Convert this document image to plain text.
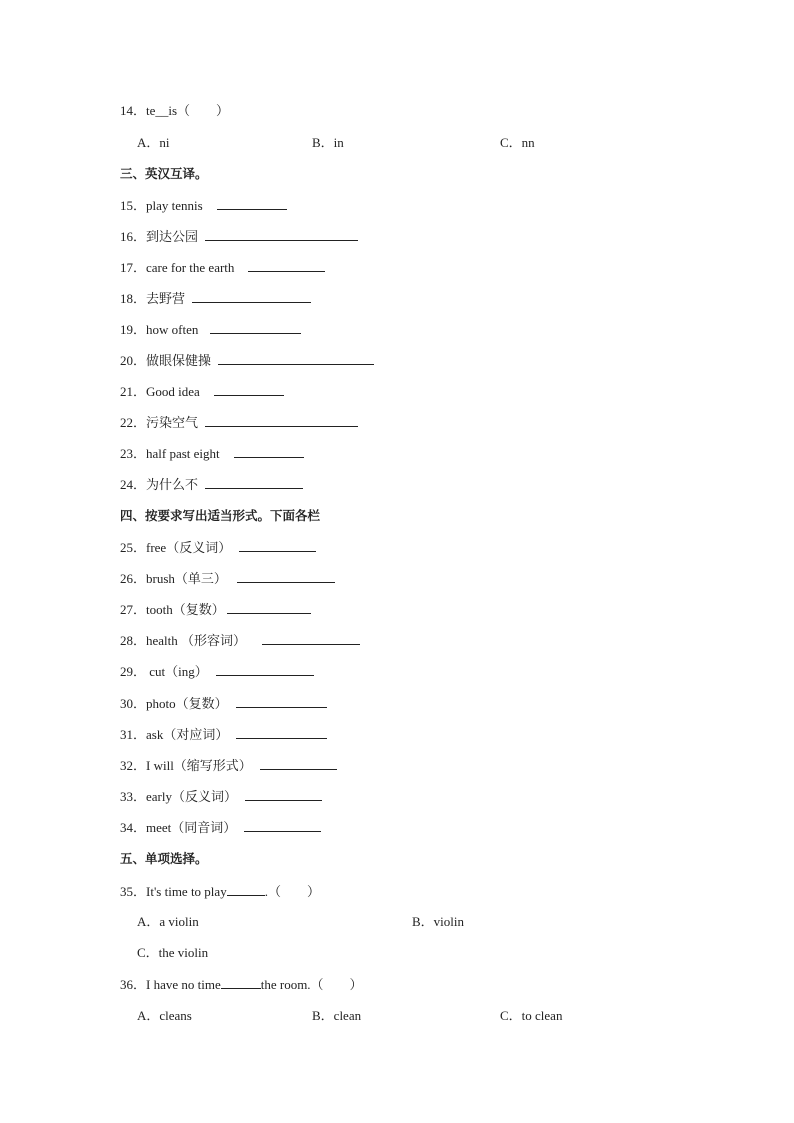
14．te__is（　　）
A．ni	B．in	C．nn
三、英汉互译。
15．play tennis
16．到达公园
17．care for the earth
18．去野营
19．how often
20．做眼保健操
21．Good idea
22．污染空气
23．half past eight
24．为什么不
四、按要求写出适当形式。下面各栏
25．free（反义词）
26．brush（单三）
27．tooth（复数）
28．health （形容词）
29． cut（ing）
30．photo（复数）
31．ask（对应词）
32．I will（缩写形式）
33．early（反义词）
34．meet（同音词）
五、单项选择。
35．It's time to play	.（　　）
A．a violin	B．violin
C．the violin
36．I have no time	the room.（　　）
A．cleans	B．clean	C．to clean
